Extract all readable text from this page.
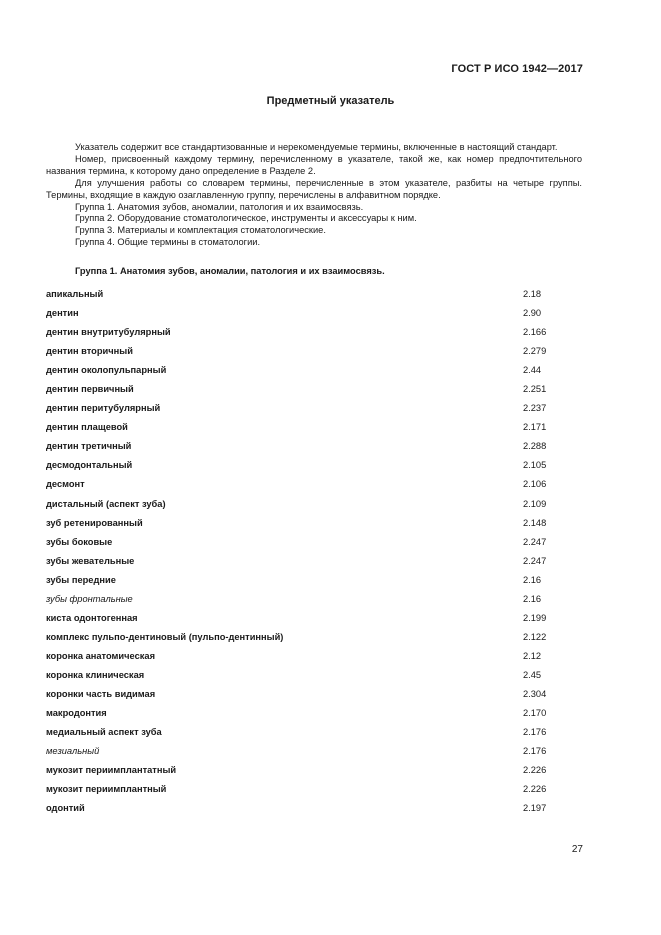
ГОСТ Р ИСО 1942—2017
Предметный указатель

Указатель содержит все стандартизованные и нерекомендуемые термины, включенные в настоящий стандарт.

Номер, присвоенный каждому термину, перечисленному в указателе, такой же, как номер предпочтительного названия термина, к которому дано определение в Разделе 2.

Для улучшения работы со словарем термины, перечисленные в этом указателе, разбиты на четыре группы. Термины, входящие в каждую озаглавленную группу, перечислены в алфавитном порядке.

Группа 1. Анатомия зубов, аномалии, патология и их взаимосвязь.

Группа 2. Оборудование стоматологическое, инструменты и аксессуары к ним.

Группа 3. Материалы и комплектация стоматологические.

Группа 4. Общие термины в стоматологии.

Группа 1. Анатомия зубов, аномалии, патология и их взаимосвязь.
апикальный	2.18
дентин	2.90
дентин внутритубулярный	2.166
дентин вторичный	2.279
дентин околопульпарный	2.44
дентин первичный	2.251
дентин перитубулярный	2.237
дентин плащевой	2.171
дентин третичный	2.288
десмодонтальный	2.105
десмонт	2.106
дистальный (аспект зуба)	2.109
зуб ретенированный	2.148
зубы боковые	2.247
зубы жевательные	2.247
зубы передние	2.16
зубы фронтальные	2.16
киста одонтогенная	2.199
комплекс пульпо-дентиновый (пульпо-дентинный)	2.122
коронка анатомическая	2.12
коронка клиническая	2.45
коронки часть видимая	2.304
макродонтия	2.170
медиальный аспект зуба	2.176
мезиальный	2.176
мукозит периимплантатный	2.226
мукозит периимплантный	2.226
одонтий	2.197
27
